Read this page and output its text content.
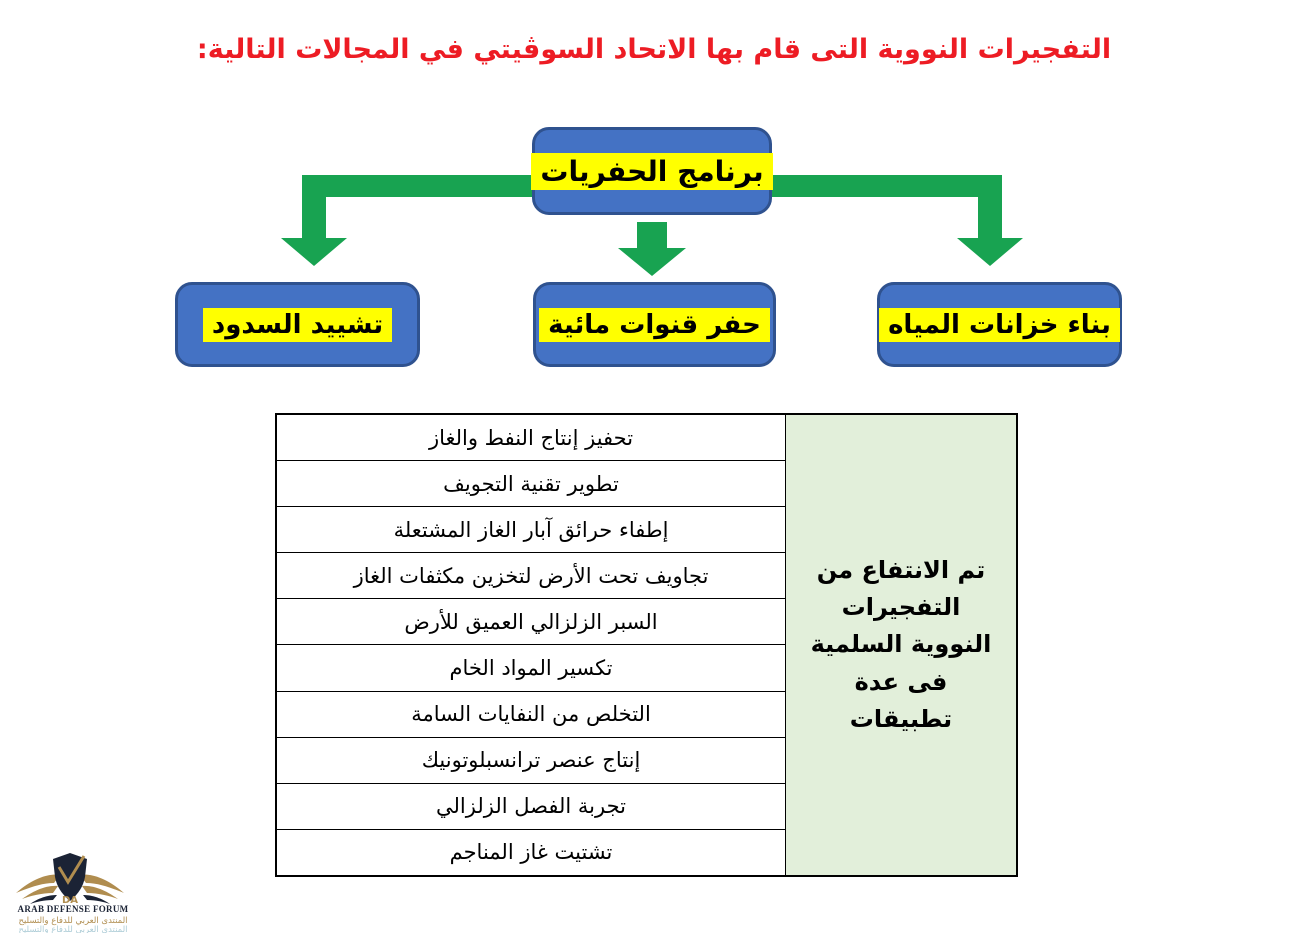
التفجيرات النووية التى قام بها الاتحاد السوڤيتي في المجالات التالية:
برنامج الحفريات
تشييد السدود	حفر قنوات مائية	بناء خزانات المياه
تحفيز إنتاج النفط والغاز
تطوير تقنية التجويف
إطفاء حرائق آبار الغاز المشتعلة
تجاويف تحت الأرض لتخزين مكثفات الغاز
السبر الزلزالي العميق للأرض
تكسير المواد الخام
التخلص من النفايات السامة
إنتاج عنصر ترانسبلوتونيك
تجربة الفصل الزلزالي
تشتيت غاز المناجم
تم الانتفاع من التفجيرات النووية السلمية فى عدة تطبيقات
DA
ARAB DEFENSE FORUM
المنتدى العربي للدفاع والتسليح
المنتدى العربي للدفاع والتسليح
